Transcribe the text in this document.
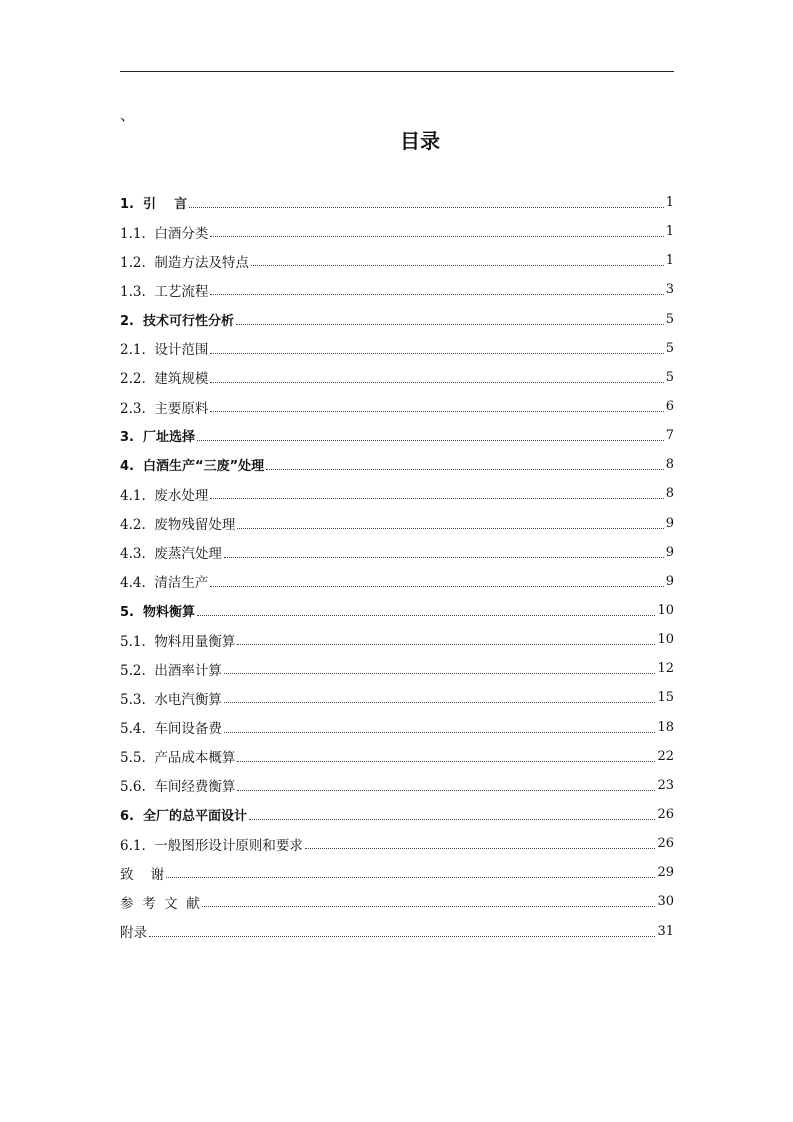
、
目录
1.  引    言	1
1.1.  白酒分类	1
1.2.  制造方法及特点	1
1.3.  工艺流程	3
2.  技术可行性分析	5
2.1.  设计范围	5
2.2.  建筑规模	5
2.3.  主要原料	6
3.  厂址选择	7
4.  白酒生产“三废”处理	8
4.1.  废水处理	8
4.2.  废物残留处理	9
4.3.  废蒸汽处理	9
4.4.  清洁生产	9
5.  物料衡算	10
5.1.  物料用量衡算	10
5.2.  出酒率计算	12
5.3.  水电汽衡算	15
5.4.  车间设备费	18
5.5.  产品成本概算	22
5.6.  车间经费衡算	23
6.  全厂的总平面设计	26
6.1.  一般图形设计原则和要求	26
致    谢	29
参  考  文  献	30
附录	31
